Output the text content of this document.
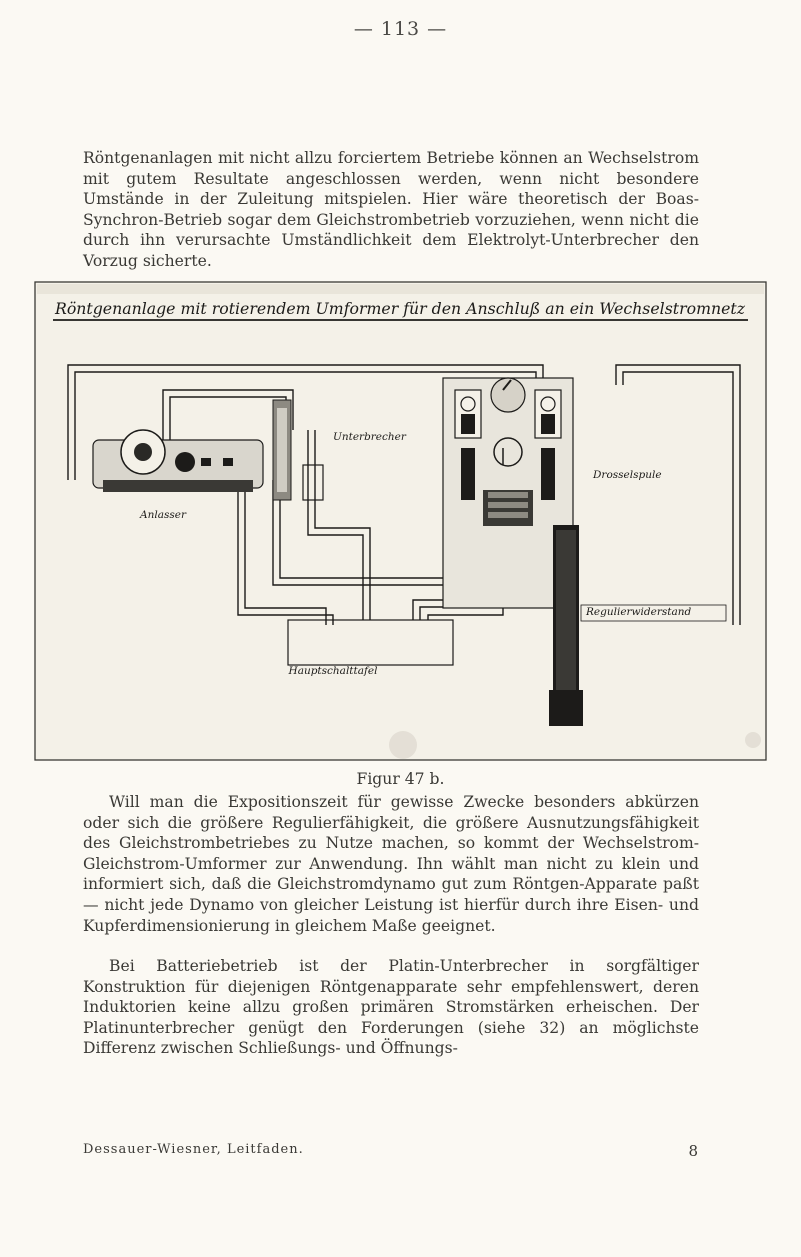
— 113 —

Röntgenanlagen mit nicht allzu forciertem Betriebe können an Wechselstrom mit gutem Resultate angeschlossen werden, wenn nicht besondere Umstände in der Zuleitung mitspielen. Hier wäre theoretisch der Boas-Synchron-Betrieb sogar dem Gleichstrombetrieb vorzuziehen, wenn nicht die durch ihn verursachte Umständlichkeit dem Elektrolyt-Unterbrecher den Vorzug sicherte.

Röntgenanlage mit rotierendem Umformer für den Anschluß an ein Wechselstromnetz
Anlasser
Unterbrecher
Regulierwiderstand
Drosselspule
Hauptschalttafel
Figur 47 b.

Will man die Expositionszeit für gewisse Zwecke besonders abkürzen oder sich die größere Regulierfähigkeit, die größere Ausnutzungsfähigkeit des Gleichstrombetriebes zu Nutze machen, so kommt der Wechselstrom-Gleichstrom-Umformer zur Anwendung. Ihn wählt man nicht zu klein und informiert sich, daß die Gleichstromdynamo gut zum Röntgen-Apparate paßt — nicht jede Dynamo von gleicher Leistung ist hierfür durch ihre Eisen- und Kupferdimensionierung in gleichem Maße geeignet.

Bei Batteriebetrieb ist der Platin-Unterbrecher in sorgfältiger Konstruktion für diejenigen Röntgenapparate sehr empfehlenswert, deren Induktorien keine allzu großen primären Stromstärken erheischen. Der Platinunterbrecher genügt den Forderungen (siehe 32) an möglichste Differenz zwischen Schließungs- und Öffnungs-

Dessauer-Wiesner, Leitfaden.	8
